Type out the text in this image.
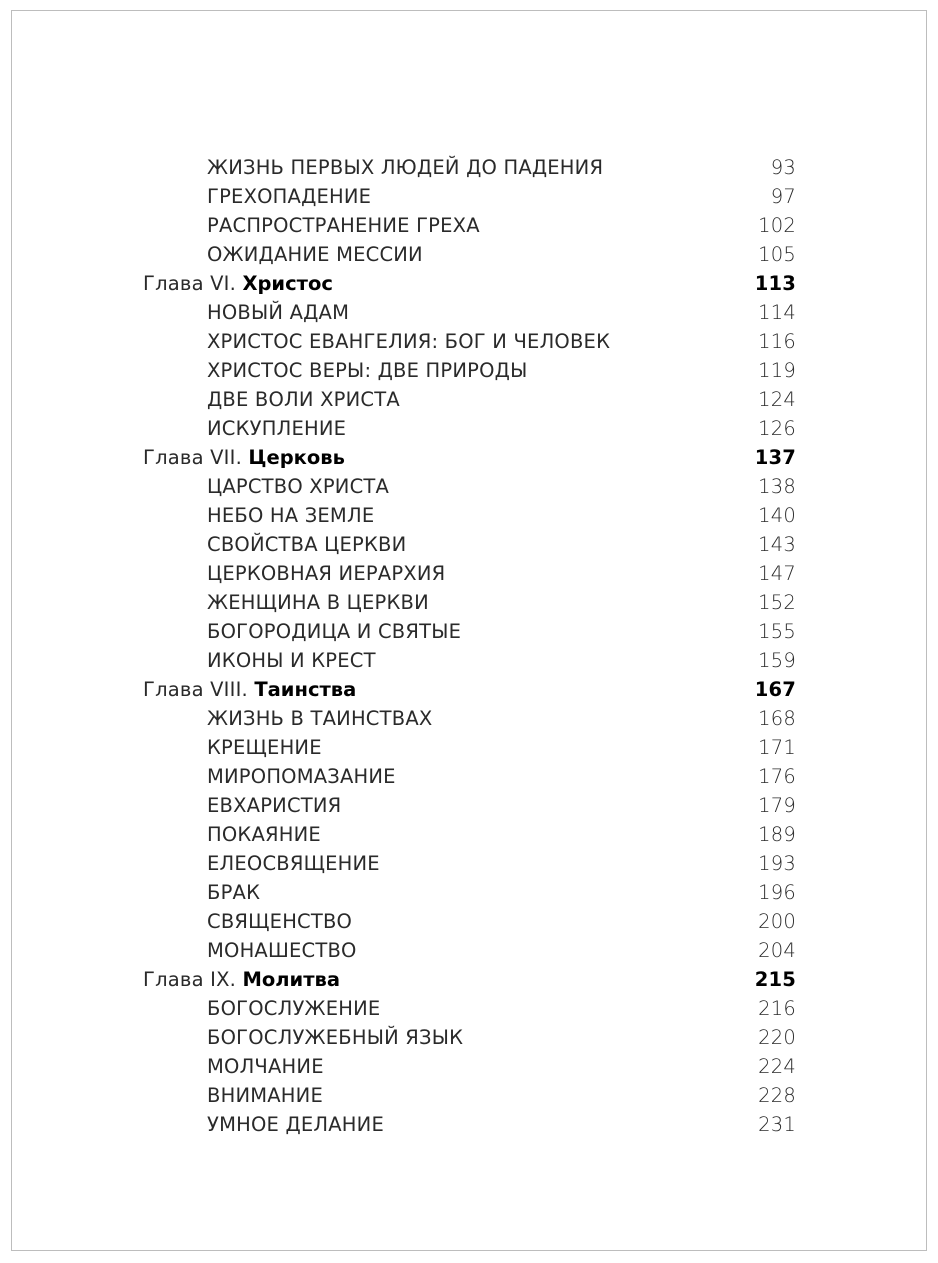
ЖИЗНЬ ПЕРВЫХ ЛЮДЕЙ ДО ПАДЕНИЯ	93
ГРЕХОПАДЕНИЕ	97
РАСПРОСТРАНЕНИЕ ГРЕХА	102
ОЖИДАНИЕ МЕССИИ	105
Глава VI. Христос	113
НОВЫЙ АДАМ	114
ХРИСТОС ЕВАНГЕЛИЯ: БОГ И ЧЕЛОВЕК	116
ХРИСТОС ВЕРЫ: ДВЕ ПРИРОДЫ	119
ДВЕ ВОЛИ ХРИСТА	124
ИСКУПЛЕНИЕ	126
Глава VII. Церковь	137
ЦАРСТВО ХРИСТА	138
НЕБО НА ЗЕМЛЕ	140
СВОЙСТВА ЦЕРКВИ	143
ЦЕРКОВНАЯ ИЕРАРХИЯ	147
ЖЕНЩИНА В ЦЕРКВИ	152
БОГОРОДИЦА И СВЯТЫЕ	155
ИКОНЫ И КРЕСТ	159
Глава VIII. Таинства	167
ЖИЗНЬ В ТАИНСТВАХ	168
КРЕЩЕНИЕ	171
МИРОПОМАЗАНИЕ	176
ЕВХАРИСТИЯ	179
ПОКАЯНИЕ	189
ЕЛЕОСВЯЩЕНИЕ	193
БРАК	196
СВЯЩЕНСТВО	200
МОНАШЕСТВО	204
Глава IX. Молитва	215
БОГОСЛУЖЕНИЕ	216
БОГОСЛУЖЕБНЫЙ ЯЗЫК	220
МОЛЧАНИЕ	224
ВНИМАНИЕ	228
УМНОЕ ДЕЛАНИЕ	231
